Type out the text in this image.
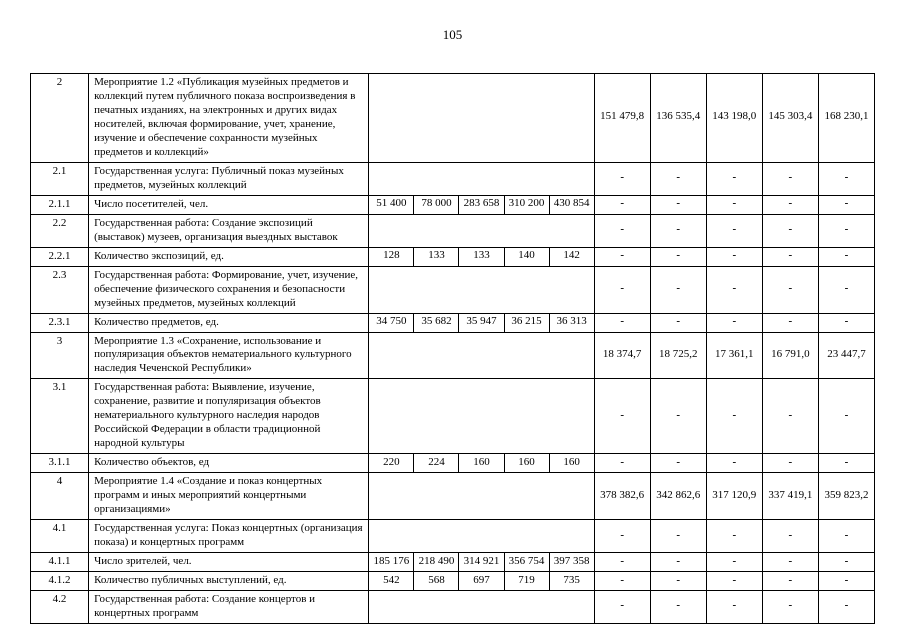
105
2	Мероприятие 1.2 «Публикация музейных предметов и коллекций путем публичного показа воспроизведения в печатных изданиях, на электронных и других видах носителей, включая формирование, учет, хранение, изучение и обеспечение сохранности музейных предметов и коллекций»						151 479,8	136 535,4	143 198,0	145 303,4	168 230,1
2.1	Государственная услуга: Публичный показ музейных предметов, музейных коллекций						-	-	-	-	-
2.1.1	Число посетителей, чел.	51 400	78 000	283 658	310 200	430 854	-	-	-	-	-
2.2	Государственная работа: Создание экспозиций (выставок) музеев, организация выездных выставок						-	-	-	-	-
2.2.1	Количество экспозиций, ед.	128	133	133	140	142	-	-	-	-	-
2.3	Государственная работа: Формирование, учет, изучение, обеспечение физического сохранения и безопасности музейных предметов, музейных коллекций						-	-	-	-	-
2.3.1	Количество предметов, ед.	34 750	35 682	35 947	36 215	36 313	-	-	-	-	-
3	Мероприятие 1.3 «Сохранение, использование и популяризация объектов нематериального культурного наследия Чеченской Республики»						18 374,7	18 725,2	17 361,1	16 791,0	23 447,7
3.1	Государственная работа: Выявление, изучение, сохранение, развитие и популяризация объектов нематериального культурного наследия народов Российской Федерации в области традиционной народной культуры						-	-	-	-	-
3.1.1	Количество объектов, ед	220	224	160	160	160	-	-	-	-	-
4	Мероприятие 1.4 «Создание и показ концертных программ и иных мероприятий концертными организациями»						378 382,6	342 862,6	317 120,9	337 419,1	359 823,2
4.1	Государственная услуга: Показ концертных (организация показа) и концертных программ						-	-	-	-	-
4.1.1	Число зрителей, чел.	185 176	218 490	314 921	356 754	397 358	-	-	-	-	-
4.1.2	Количество публичных выступлений, ед.	542	568	697	719	735	-	-	-	-	-
4.2	Государственная работа: Создание концертов и концертных программ						-	-	-	-	-
